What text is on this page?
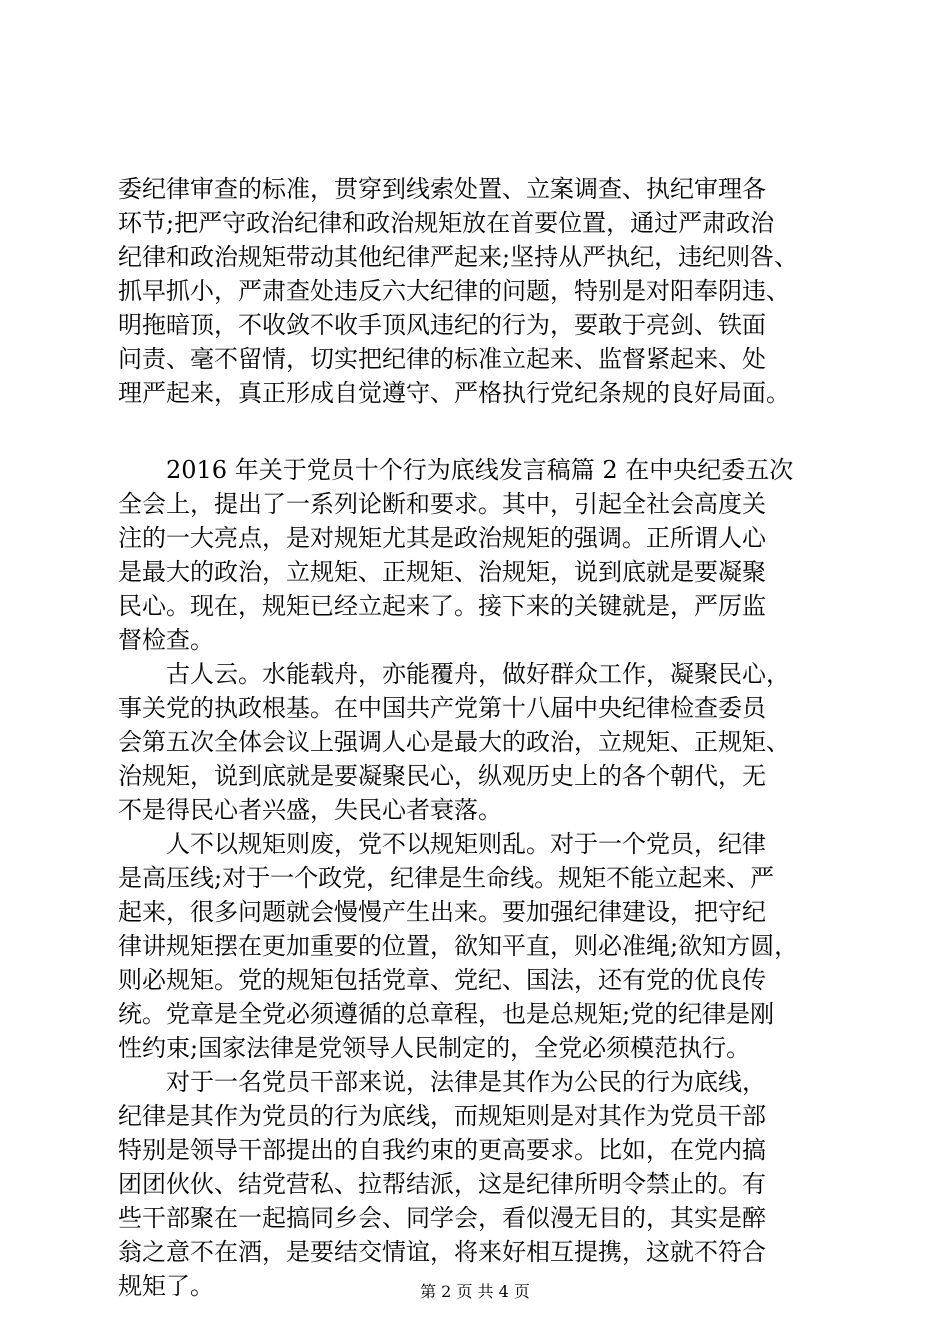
委纪律审查的标准，贯穿到线索处置、立案调查、执纪审理各
环节;把严守政治纪律和政治规矩放在首要位置，通过严肃政治
纪律和政治规矩带动其他纪律严起来;坚持从严执纪，违纪则咎、
抓早抓小，严肃查处违反六大纪律的问题，特别是对阳奉阴违、
明拖暗顶，不收敛不收手顶风违纪的行为，要敢于亮剑、铁面
问责、毫不留情，切实把纪律的标准立起来、监督紧起来、处
理严起来，真正形成自觉遵守、严格执行党纪条规的良好局面。
　　2016 年关于党员十个行为底线发言稿篇 2 在中央纪委五次
全会上，提出了一系列论断和要求。其中，引起全社会高度关
注的一大亮点，是对规矩尤其是政治规矩的强调。正所谓人心
是最大的政治，立规矩、正规矩、治规矩，说到底就是要凝聚
民心。现在，规矩已经立起来了。接下来的关键就是，严厉监
督检查。
　　古人云。水能载舟，亦能覆舟，做好群众工作，凝聚民心，
事关党的执政根基。在中国共产党第十八届中央纪律检查委员
会第五次全体会议上强调人心是最大的政治，立规矩、正规矩、
治规矩，说到底就是要凝聚民心，纵观历史上的各个朝代，无
不是得民心者兴盛，失民心者衰落。
　　人不以规矩则废，党不以规矩则乱。对于一个党员，纪律
是高压线;对于一个政党，纪律是生命线。规矩不能立起来、严
起来，很多问题就会慢慢产生出来。要加强纪律建设，把守纪
律讲规矩摆在更加重要的位置，欲知平直，则必准绳;欲知方圆，
则必规矩。党的规矩包括党章、党纪、国法，还有党的优良传
统。党章是全党必须遵循的总章程，也是总规矩;党的纪律是刚
性约束;国家法律是党领导人民制定的，全党必须模范执行。
　　对于一名党员干部来说，法律是其作为公民的行为底线，
纪律是其作为党员的行为底线，而规矩则是对其作为党员干部
特别是领导干部提出的自我约束的更高要求。比如，在党内搞
团团伙伙、结党营私、拉帮结派，这是纪律所明令禁止的。有
些干部聚在一起搞同乡会、同学会，看似漫无目的，其实是醉
翁之意不在酒，是要结交情谊，将来好相互提携，这就不符合
规矩了。	第 2 页 共 4 页
